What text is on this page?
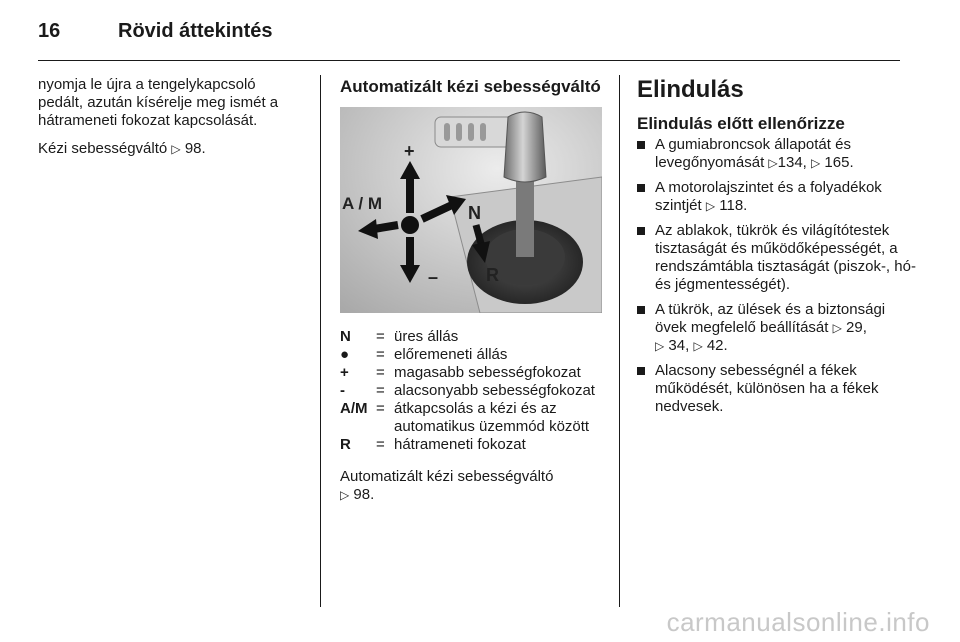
16	Rövid áttekintés

nyomja le újra a tengelykapcsoló pedált, azután kísérelje meg ismét a hátrameneti fokozat kapcsolását.

Kézi sebességváltó ▷ 98.

Automatizált kézi sebességváltó
+
–
A / M	N
R
N	= üres állás
●	= előremeneti állás
+	= magasabb sebességfokozat
-	= alacsonyabb sebességfokozat
A/M = átkapcsolás a kézi és az automatikus üzemmód között
R	= hátrameneti fokozat

Automatizált kézi sebességváltó
▷ 98.

Elindulás
Elindulás előtt ellenőrizze
A gumiabroncsok állapotát és levegőnyomását ▷134, ▷ 165.
A motorolajszintet és a folyadékok szintjét ▷ 118.
Az ablakok, tükrök és világítótestek tisztaságát és működőképességét, a rendszámtábla tisztaságát (piszok-, hó- és jégmentességét).
A tükrök, az ülések és a biztonsági övek megfelelő beállítását ▷ 29,
▷ 34, ▷ 42.
Alacsony sebességnél a fékek működését, különösen ha a fékek nedvesek.
carmanualsonline.info
